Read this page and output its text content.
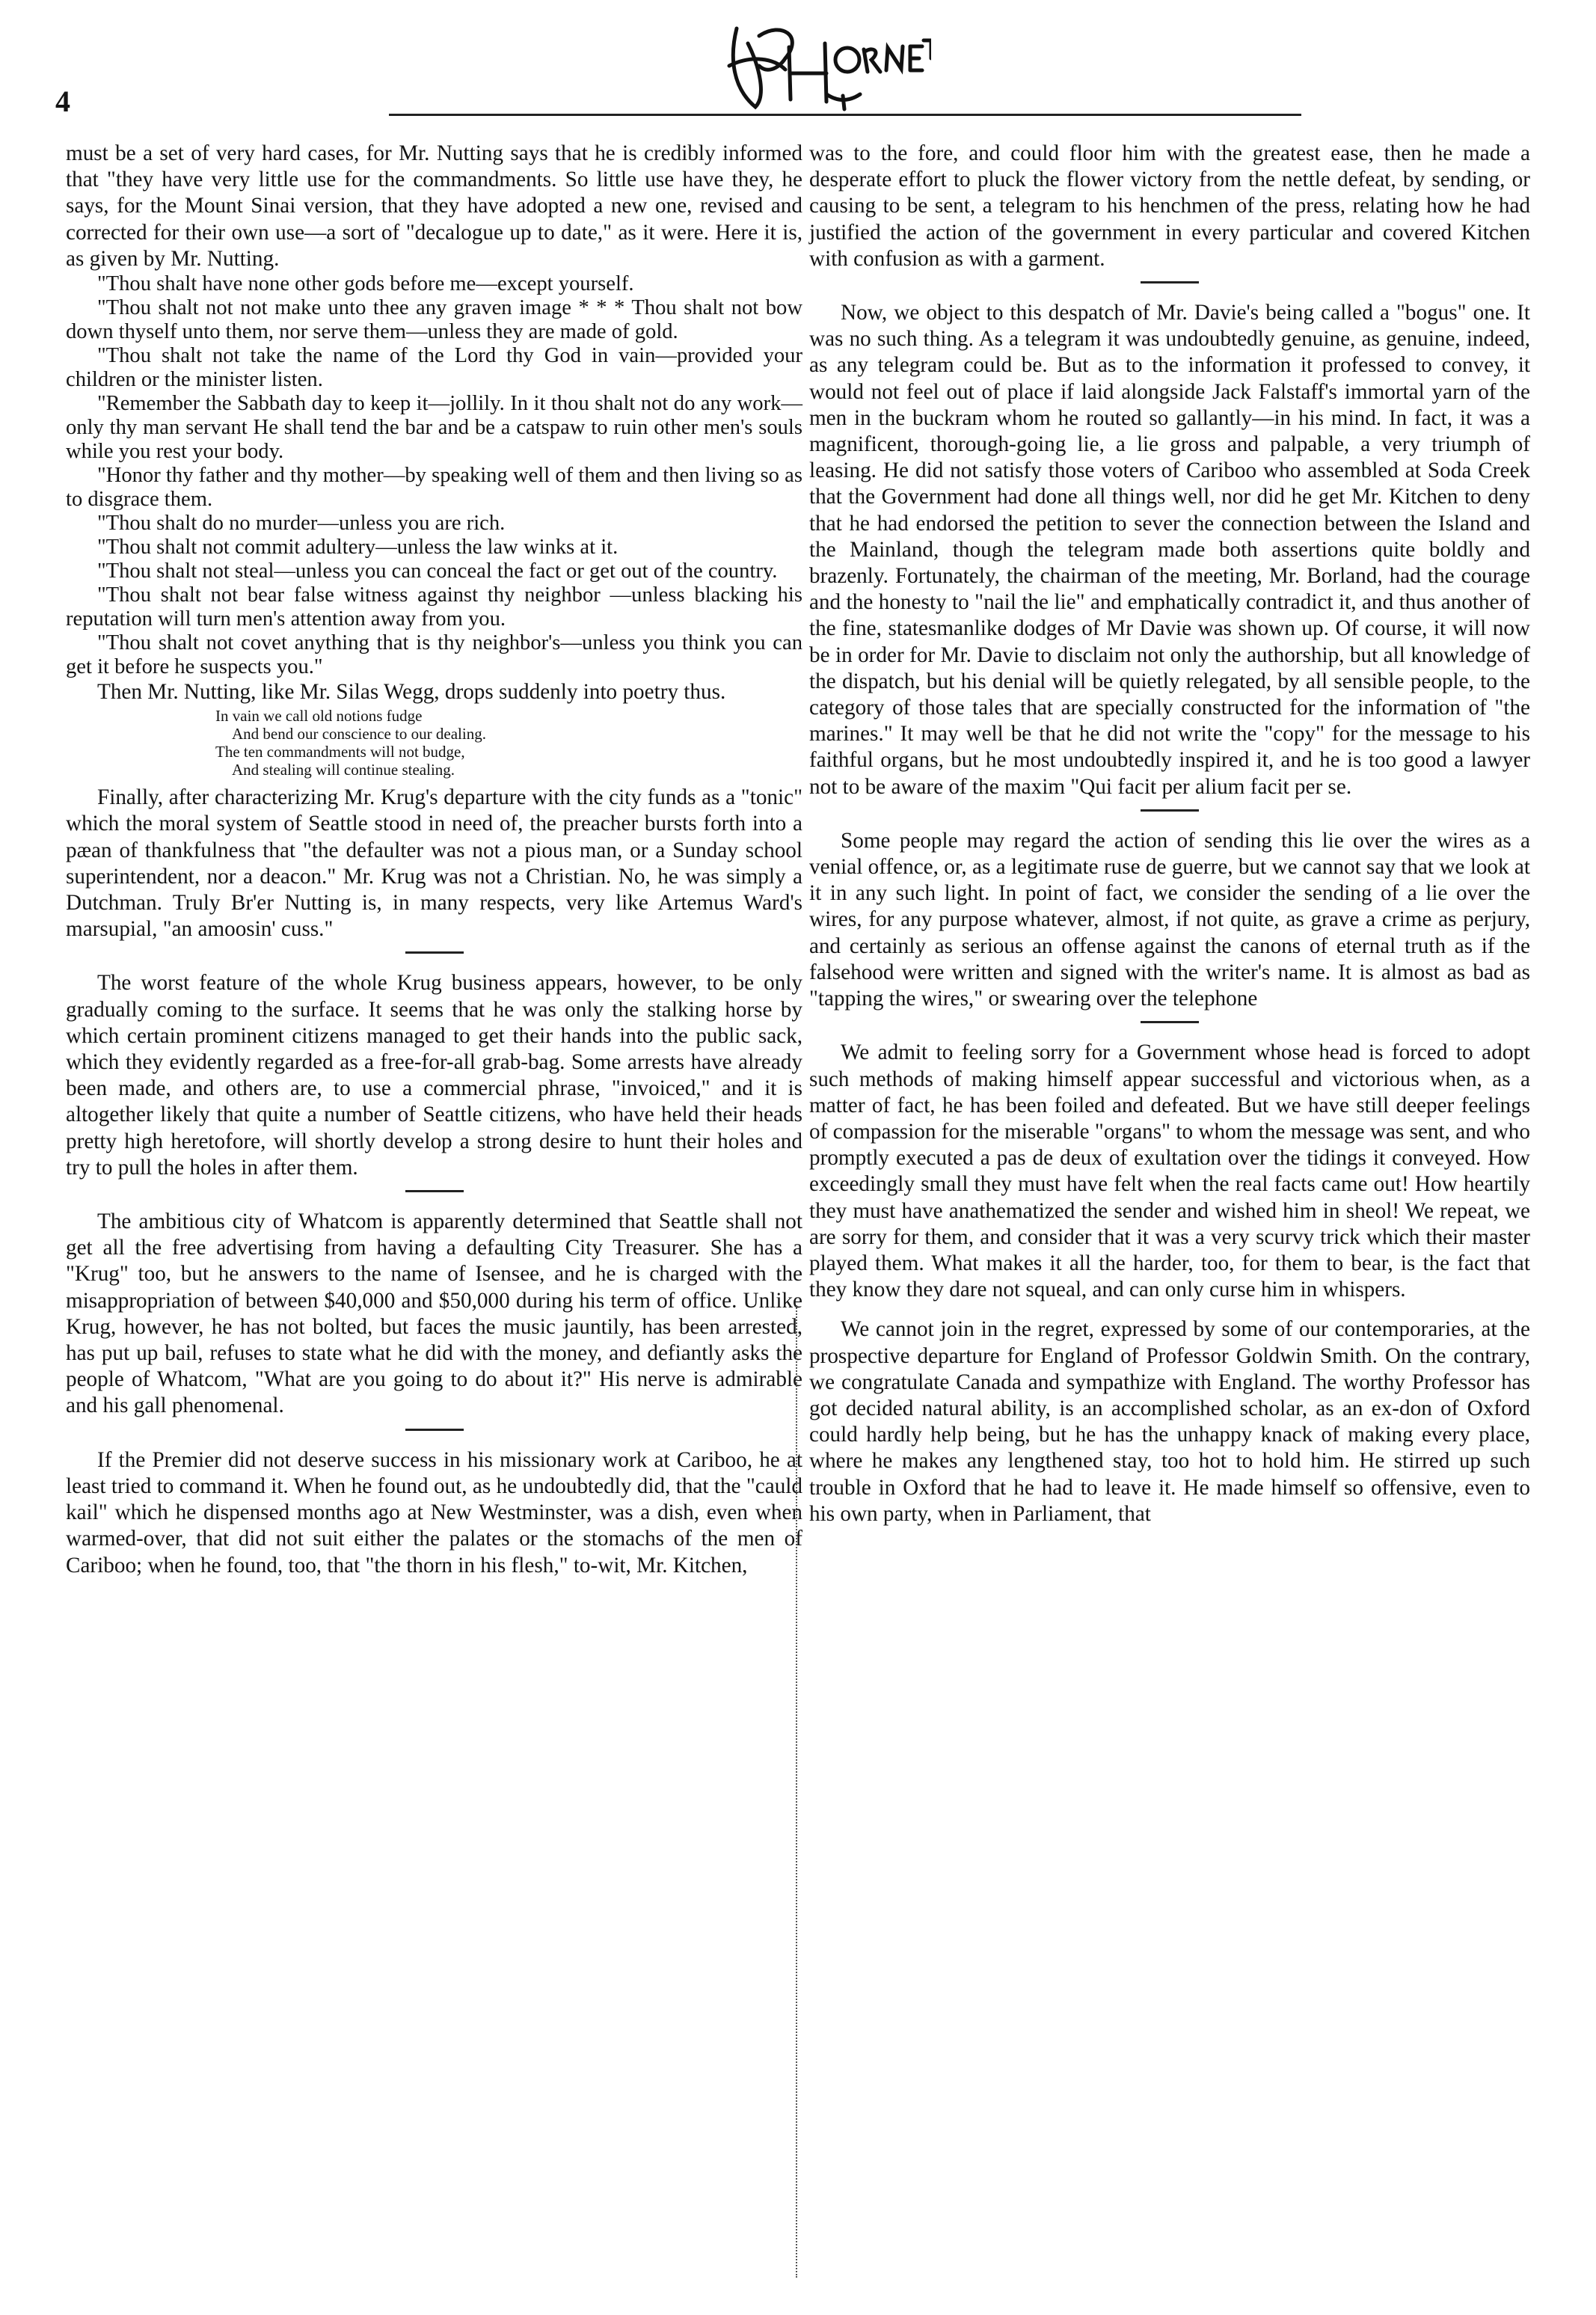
4

must be a set of very hard cases, for Mr. Nutting says that he is credibly informed that "they have very little use for the commandments. So little use have they, he says, for the Mount Sinai version, that they have adopted a new one, revised and corrected for their own use—a sort of "decalogue up to date," as it were. Here it is, as given by Mr. Nutting.

"Thou shalt have none other gods before me—except yourself.

"Thou shalt not not make unto thee any graven image * * * Thou shalt not bow down thyself unto them, nor serve them—unless they are made of gold.

"Thou shalt not take the name of the Lord thy God in vain—provided your children or the minister listen.

"Remember the Sabbath day to keep it—jollily. In it thou shalt not do any work—only thy man servant He shall tend the bar and be a catspaw to ruin other men's souls while you rest your body.

"Honor thy father and thy mother—by speaking well of them and then living so as to disgrace them.

"Thou shalt do no murder—unless you are rich.

"Thou shalt not commit adultery—unless the law winks at it.

"Thou shalt not steal—unless you can conceal the fact or get out of the country.

"Thou shalt not bear false witness against thy neighbor —unless blacking his reputation will turn men's attention away from you.

"Thou shalt not covet anything that is thy neighbor's—unless you think you can get it before he suspects you."

Then Mr. Nutting, like Mr. Silas Wegg, drops suddenly into poetry thus.

In vain we call old notions fudge
And bend our conscience to our dealing.
The ten commandments will not budge,
And stealing will continue stealing.

Finally, after characterizing Mr. Krug's departure with the city funds as a "tonic" which the moral system of Seattle stood in need of, the preacher bursts forth into a pæan of thankfulness that "the defaulter was not a pious man, or a Sunday school superintendent, nor a deacon." Mr. Krug was not a Christian. No, he was simply a Dutchman. Truly Br'er Nutting is, in many respects, very like Artemus Ward's marsupial, "an amoosin' cuss."

The worst feature of the whole Krug business appears, however, to be only gradually coming to the surface. It seems that he was only the stalking horse by which certain prominent citizens managed to get their hands into the public sack, which they evidently regarded as a free-for-all grab-bag. Some arrests have already been made, and others are, to use a commercial phrase, "invoiced," and it is altogether likely that quite a number of Seattle citizens, who have held their heads pretty high heretofore, will shortly develop a strong desire to hunt their holes and try to pull the holes in after them.

The ambitious city of Whatcom is apparently determined that Seattle shall not get all the free advertising from having a defaulting City Treasurer. She has a "Krug" too, but he answers to the name of Isensee, and he is charged with the misappropriation of between $40,000 and $50,000 during his term of office. Unlike Krug, however, he has not bolted, but faces the music jauntily, has been arrested, has put up bail, refuses to state what he did with the money, and defiantly asks the people of Whatcom, "What are you going to do about it?" His nerve is admirable and his gall phenomenal.

If the Premier did not deserve success in his missionary work at Cariboo, he at least tried to command it. When he found out, as he undoubtedly did, that the "cauld kail" which he dispensed months ago at New Westminster, was a dish, even when warmed-over, that did not suit either the palates or the stomachs of the men of Cariboo; when he found, too, that "the thorn in his flesh," to-wit, Mr. Kitchen,

was to the fore, and could floor him with the greatest ease, then he made a desperate effort to pluck the flower victory from the nettle defeat, by sending, or causing to be sent, a telegram to his henchmen of the press, relating how he had justified the action of the government in every particular and covered Kitchen with confusion as with a garment.

Now, we object to this despatch of Mr. Davie's being called a "bogus" one. It was no such thing. As a telegram it was undoubtedly genuine, as genuine, indeed, as any telegram could be. But as to the information it professed to convey, it would not feel out of place if laid alongside Jack Falstaff's immortal yarn of the men in the buckram whom he routed so gallantly—in his mind. In fact, it was a magnificent, thorough-going lie, a lie gross and palpable, a very triumph of leasing. He did not satisfy those voters of Cariboo who assembled at Soda Creek that the Government had done all things well, nor did he get Mr. Kitchen to deny that he had endorsed the petition to sever the connection between the Island and the Mainland, though the telegram made both assertions quite boldly and brazenly. Fortunately, the chairman of the meeting, Mr. Borland, had the courage and the honesty to "nail the lie" and emphatically contradict it, and thus another of the fine, statesmanlike dodges of Mr Davie was shown up. Of course, it will now be in order for Mr. Davie to disclaim not only the authorship, but all knowledge of the dispatch, but his denial will be quietly relegated, by all sensible people, to the category of those tales that are specially constructed for the information of "the marines." It may well be that he did not write the "copy" for the message to his faithful organs, but he most undoubtedly inspired it, and he is too good a lawyer not to be aware of the maxim "Qui facit per alium facit per se.

Some people may regard the action of sending this lie over the wires as a venial offence, or, as a legitimate ruse de guerre, but we cannot say that we look at it in any such light. In point of fact, we consider the sending of a lie over the wires, for any purpose whatever, almost, if not quite, as grave a crime as perjury, and certainly as serious an offense against the canons of eternal truth as if the falsehood were written and signed with the writer's name. It is almost as bad as "tapping the wires," or swearing over the telephone

We admit to feeling sorry for a Government whose head is forced to adopt such methods of making himself appear successful and victorious when, as a matter of fact, he has been foiled and defeated. But we have still deeper feelings of compassion for the miserable "organs" to whom the message was sent, and who promptly executed a pas de deux of exultation over the tidings it conveyed. How exceedingly small they must have felt when the real facts came out! How heartily they must have anathematized the sender and wished him in sheol! We repeat, we are sorry for them, and consider that it was a very scurvy trick which their master played them. What makes it all the harder, too, for them to bear, is the fact that they know they dare not squeal, and can only curse him in whispers.

We cannot join in the regret, expressed by some of our contemporaries, at the prospective departure for England of Professor Goldwin Smith. On the contrary, we congratulate Canada and sympathize with England. The worthy Professor has got decided natural ability, is an accomplished scholar, as an ex-don of Oxford could hardly help being, but he has the unhappy knack of making every place, where he makes any lengthened stay, too hot to hold him. He stirred up such trouble in Oxford that he had to leave it. He made himself so offensive, even to his own party, when in Parliament, that
